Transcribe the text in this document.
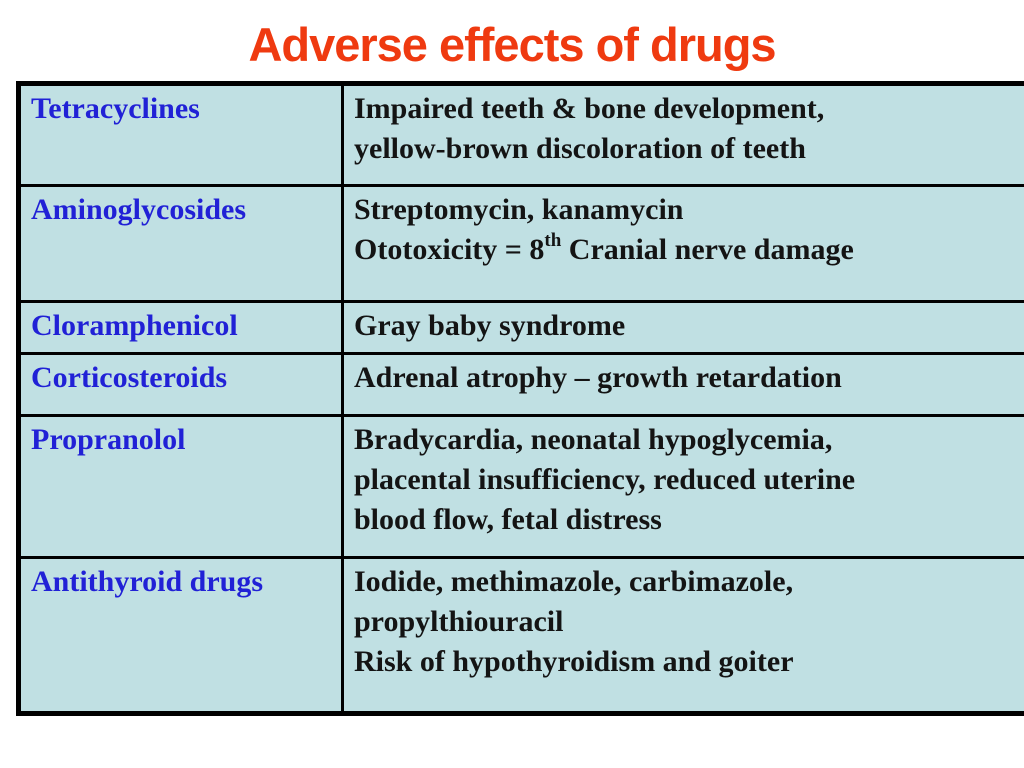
Adverse effects of drugs
Tetracyclines	Impaired teeth & bone development,
yellow-brown discoloration of teeth

Aminoglycosides	Streptomycin, kanamycin
Ototoxicity = 8th Cranial nerve damage

Cloramphenicol	Gray baby syndrome

Corticosteroids	Adrenal atrophy – growth retardation

Propranolol	Bradycardia, neonatal hypoglycemia,
placental insufficiency, reduced uterine
blood flow, fetal distress

Antithyroid drugs	Iodide, methimazole, carbimazole,
propylthiouracil
Risk of hypothyroidism and goiter
